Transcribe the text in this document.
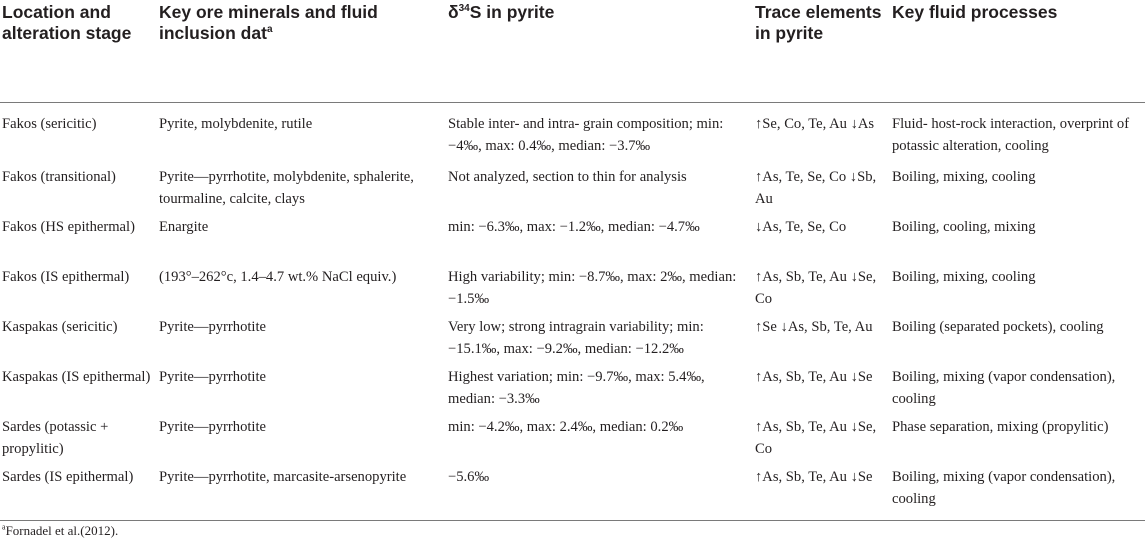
Location and alteration stage	Key ore minerals and fluid inclusion dat$^a$	$\delta^{34}S$ in pyrite	Trace elements in pyrite	Key fluid processes
Fakos (sericitic)	Pyrite, molybdenite, rutile	Stable inter- and intra- grain composition; min: −4‰, max: 0.4‰, median: −3.7‰	↑Se, Co, Te, Au ↓As	Fluid- host-rock interaction, overprint of potassic alteration, cooling
Fakos (transitional)	Pyrite—pyrrhotite, molybdenite, sphalerite, tourmaline, calcite, clays	Not analyzed, section to thin for analysis	↑As, Te, Se, Co ↓Sb, Au	Boiling, mixing, cooling
Fakos (HS epithermal)	Enargite	min: −6.3‰, max: −1.2‰, median: −4.7‰	↓As, Te, Se, Co	Boiling, cooling, mixing
Fakos (IS epithermal)	(193°–262°c, 1.4–4.7 wt.% NaCl equiv.)	High variability; min: −8.7‰, max: 2‰, median: −1.5‰	↑As, Sb, Te, Au ↓Se, Co	Boiling, mixing, cooling
Kaspakas (sericitic)	Pyrite—pyrrhotite	Very low; strong intragrain variability; min: −15.1‰, max: −9.2‰, median: −12.2‰	↑Se ↓As, Sb, Te, Au	Boiling (separated pockets), cooling
Kaspakas (IS epithermal)	Pyrite—pyrrhotite	Highest variation; min: −9.7‰, max: 5.4‰, median: −3.3‰	↑As, Sb, Te, Au ↓Se	Boiling, mixing (vapor condensation), cooling
Sardes (potassic + propylitic)	Pyrite—pyrrhotite	min: −4.2‰, max: 2.4‰, median: 0.2‰	↑As, Sb, Te, Au ↓Se, Co	Phase separation, mixing (propylitic)
Sardes (IS epithermal)	Pyrite—pyrrhotite, marcasite-arsenopyrite	−5.6‰	↑As, Sb, Te, Au ↓Se	Boiling, mixing (vapor condensation), cooling
$^a$Fornadel et al.(2012).
